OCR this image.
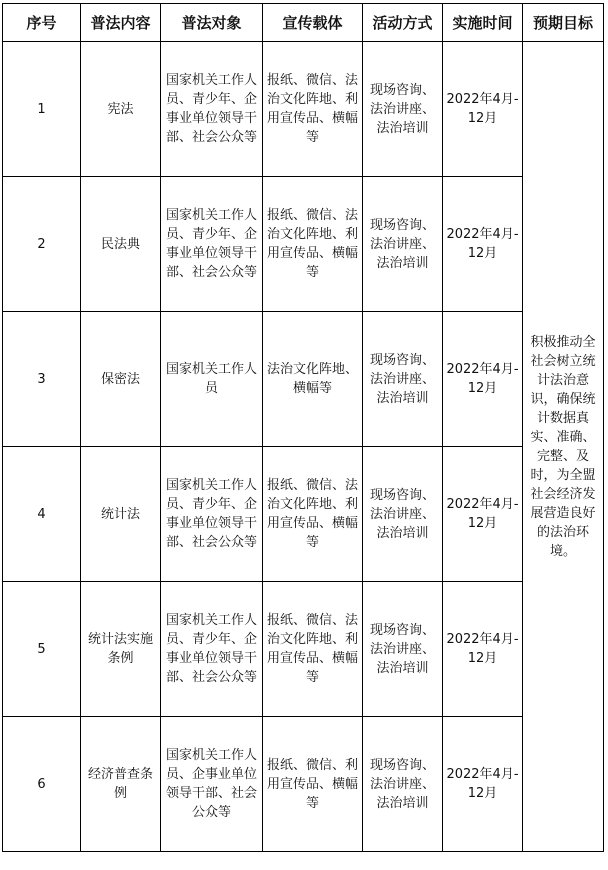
序号	普法内容	普法对象	宣传载体	活动方式	实施时间	预期目标
1	宪法	国家机关工作人员、青少年、企事业单位领导干部、社会公众等	报纸、微信、法治文化阵地、利用宣传品、横幅等	现场咨询、法治讲座、法治培训	2022年4月-12月	积极推动全社会树立统计法治意识，确保统计数据真实、准确、完整、及时，为全盟社会经济发展营造良好的法治环境。
2	民法典	国家机关工作人员、青少年、企事业单位领导干部、社会公众等	报纸、微信、法治文化阵地、利用宣传品、横幅等	现场咨询、法治讲座、法治培训	2022年4月-12月	
3	保密法	国家机关工作人员	法治文化阵地、横幅等	现场咨询、法治讲座、法治培训	2022年4月-12月	
4	统计法	国家机关工作人员、青少年、企事业单位领导干部、社会公众等	报纸、微信、法治文化阵地、利用宣传品、横幅等	现场咨询、法治讲座、法治培训	2022年4月-12月	
5	统计法实施条例	国家机关工作人员、青少年、企事业单位领导干部、社会公众等	报纸、微信、法治文化阵地、利用宣传品、横幅等	现场咨询、法治讲座、法治培训	2022年4月-12月	
6	经济普查条例	国家机关工作人员、企事业单位领导干部、社会公众等	报纸、微信、利用宣传品、横幅等	现场咨询、法治讲座、法治培训	2022年4月-12月	
